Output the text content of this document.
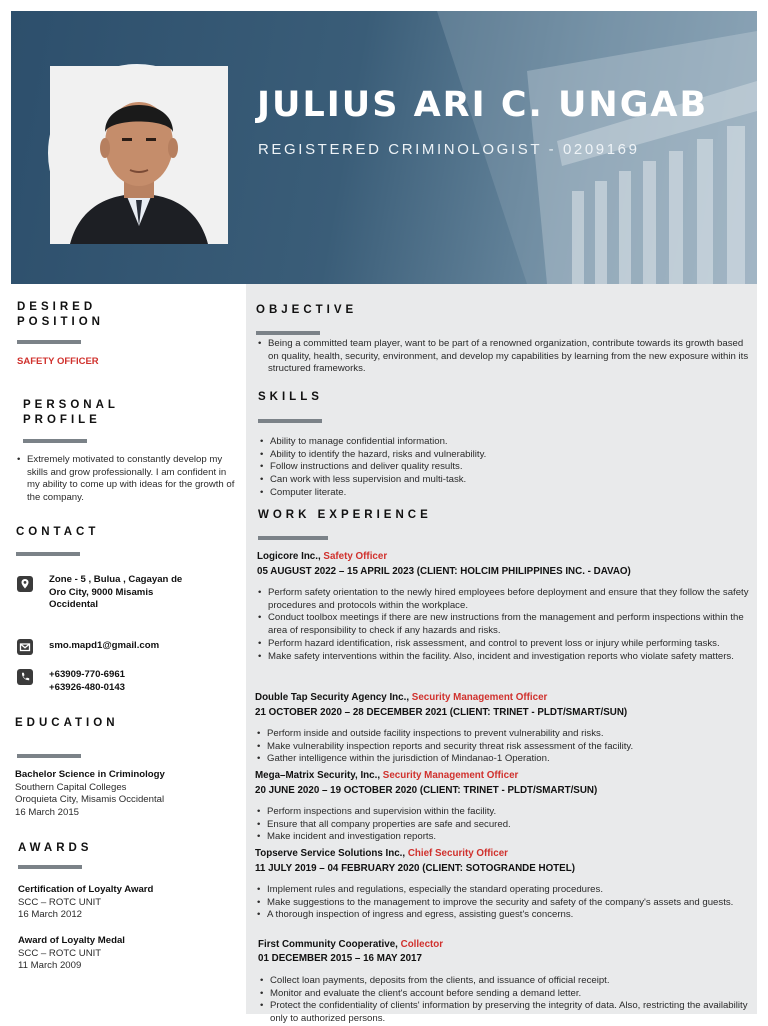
JULIUS ARI C. UNGAB
REGISTERED CRIMINOLOGIST - 0209169
DESIRED
POSITION
SAFETY OFFICER
PERSONAL
PROFILE
• Extremely motivated to constantly develop my skills and grow professionally. I am confident in my ability to come up with ideas for the growth of the company.
CONTACT
Zone - 5 , Bulua , Cagayan de Oro City, 9000 Misamis Occidental
smo.mapd1@gmail.com
+63909-770-6961
+63926-480-0143
EDUCATION
Bachelor Science in Criminology
Southern Capital Colleges
Oroquieta City, Misamis Occidental
16 March 2015
AWARDS
Certification of Loyalty Award
SCC – ROTC UNIT
16 March 2012
Award of Loyalty Medal
SCC – ROTC UNIT
11 March 2009
OBJECTIVE
• Being a committed team player, want to be part of a renowned organization, contribute towards its growth based on quality, health, security, environment, and develop my capabilities by learning from the new exposure within its structured frameworks.
SKILLS
• Ability to manage confidential information.
• Ability to identify the hazard, risks and vulnerability.
• Follow instructions and deliver quality results.
• Can work with less supervision and multi-task.
• Computer literate.
WORK EXPERIENCE
Logicore Inc., Safety Officer
05 AUGUST 2022 – 15 APRIL 2023 (CLIENT: HOLCIM PHILIPPINES INC. - DAVAO)
• Perform safety orientation to the newly hired employees before deployment and ensure that they follow the safety procedures and protocols within the workplace.
• Conduct toolbox meetings if there are new instructions from the management and perform inspections within the area of responsibility to check if any hazards and risks.
• Perform hazard identification, risk assessment, and control to prevent loss or injury while performing tasks.
• Make safety interventions within the facility. Also, incident and investigation reports who violate safety matters.
Double Tap Security Agency Inc., Security Management Officer
21 OCTOBER 2020 – 28 DECEMBER 2021 (CLIENT: TRINET - PLDT/SMART/SUN)
• Perform inside and outside facility inspections to prevent vulnerability and risks.
• Make vulnerability inspection reports and security threat risk assessment of the facility.
• Gather intelligence within the jurisdiction of Mindanao-1 Operation.
Mega–Matrix Security, Inc., Security Management Officer
20 JUNE 2020 – 19 OCTOBER 2020 (CLIENT: TRINET - PLDT/SMART/SUN)
• Perform inspections and supervision within the facility.
• Ensure that all company properties are safe and secured.
• Make incident and investigation reports.
Topserve Service Solutions Inc., Chief Security Officer
11 JULY 2019 – 04 FEBRUARY 2020 (CLIENT: SOTOGRANDE HOTEL)
• Implement rules and regulations, especially the standard operating procedures.
• Make suggestions to the management to improve the security and safety of the company's assets and guests.
• A thorough inspection of ingress and egress, assisting guest's concerns.
First Community Cooperative, Collector
01 DECEMBER 2015 – 16 MAY 2017
• Collect loan payments, deposits from the clients, and issuance of official receipt.
• Monitor and evaluate the client's account before sending a demand letter.
• Protect the confidentiality of clients' information by preserving the integrity of data. Also, restricting the availability only to authorized persons.
